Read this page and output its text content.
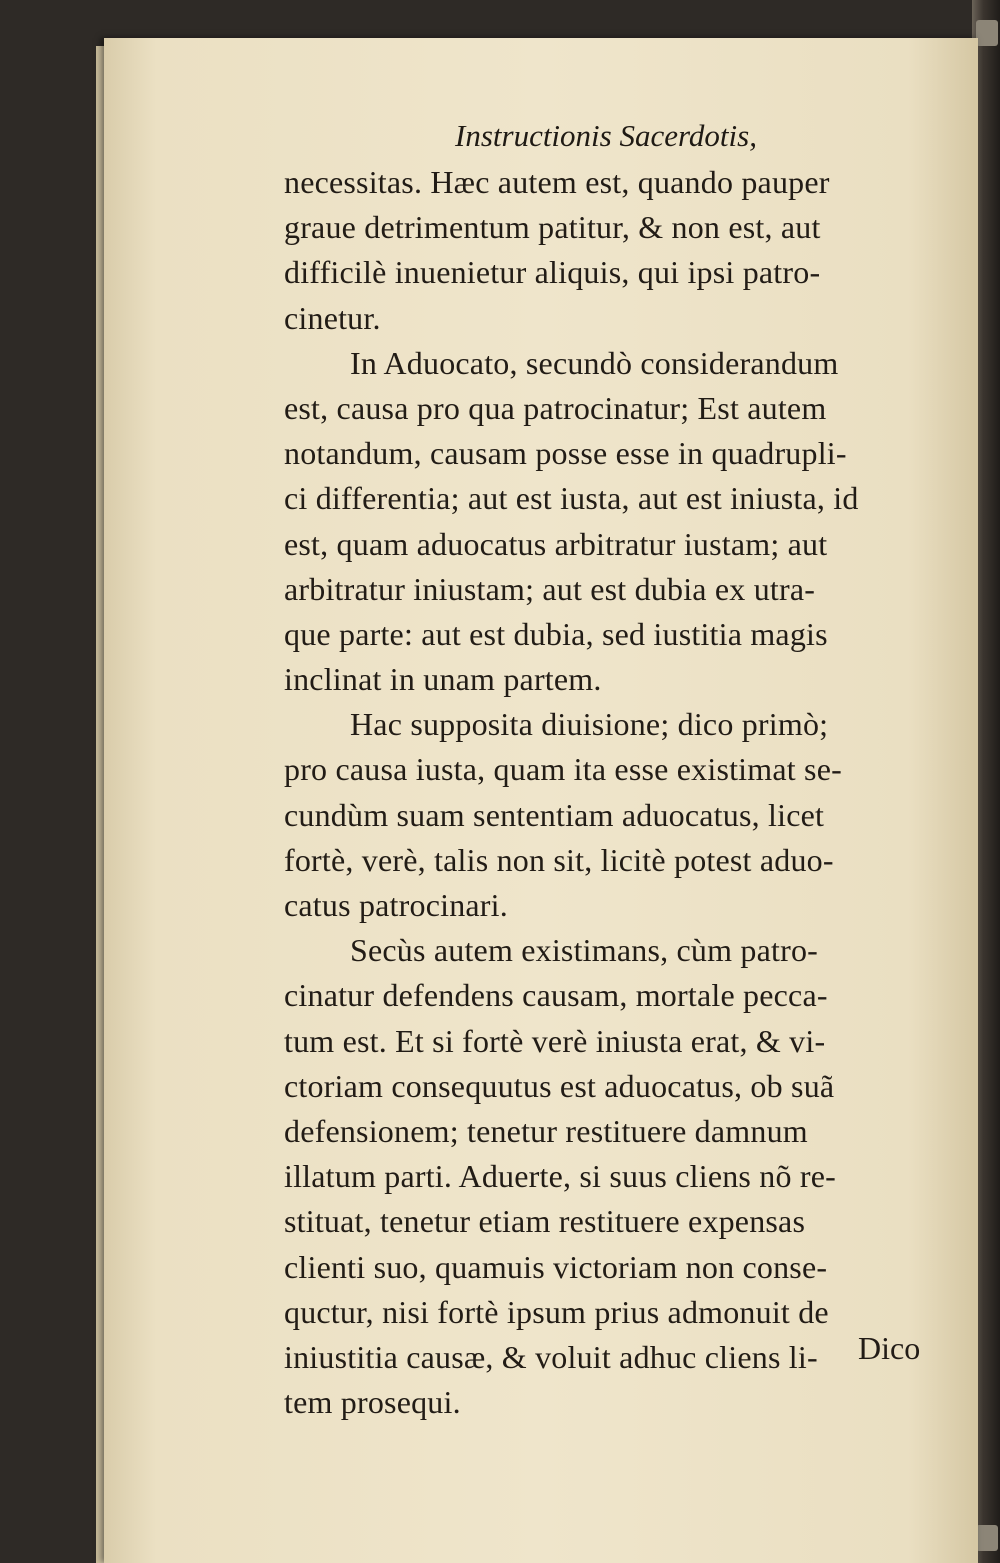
Instructionis Sacerdotis,
necessitas. Hæc autem est, quando pauper
graue detrimentum patitur, & non est, aut
difficilè inuenietur aliquis, qui ipsi patro-
cinetur.
In Aduocato, secundò considerandum
est, causa pro qua patrocinatur; Est autem
notandum, causam posse esse in quadrupli-
ci differentia; aut est iusta, aut est iniusta, id
est, quam aduocatus arbitratur iustam; aut
arbitratur iniustam; aut est dubia ex utra-
que parte: aut est dubia, sed iustitia magis
inclinat in unam partem.
Hac supposita diuisione; dico primò;
pro causa iusta, quam ita esse existimat se-
cundùm suam sententiam aduocatus, licet
fortè, verè, talis non sit, licitè potest aduo-
catus patrocinari.
Secùs autem existimans, cùm patro-
cinatur defendens causam, mortale pecca-
tum est. Et si fortè verè iniusta erat, & vi-
ctoriam consequutus est aduocatus, ob suã
defensionem; tenetur restituere damnum
illatum parti. Aduerte, si suus cliens nõ re-
stituat, tenetur etiam restituere expensas
clienti suo, quamuis victoriam non conse-
quctur, nisi fortè ipsum prius admonuit de
iniustitia causæ, & voluit adhuc cliens li-
tem prosequi.
Dico
